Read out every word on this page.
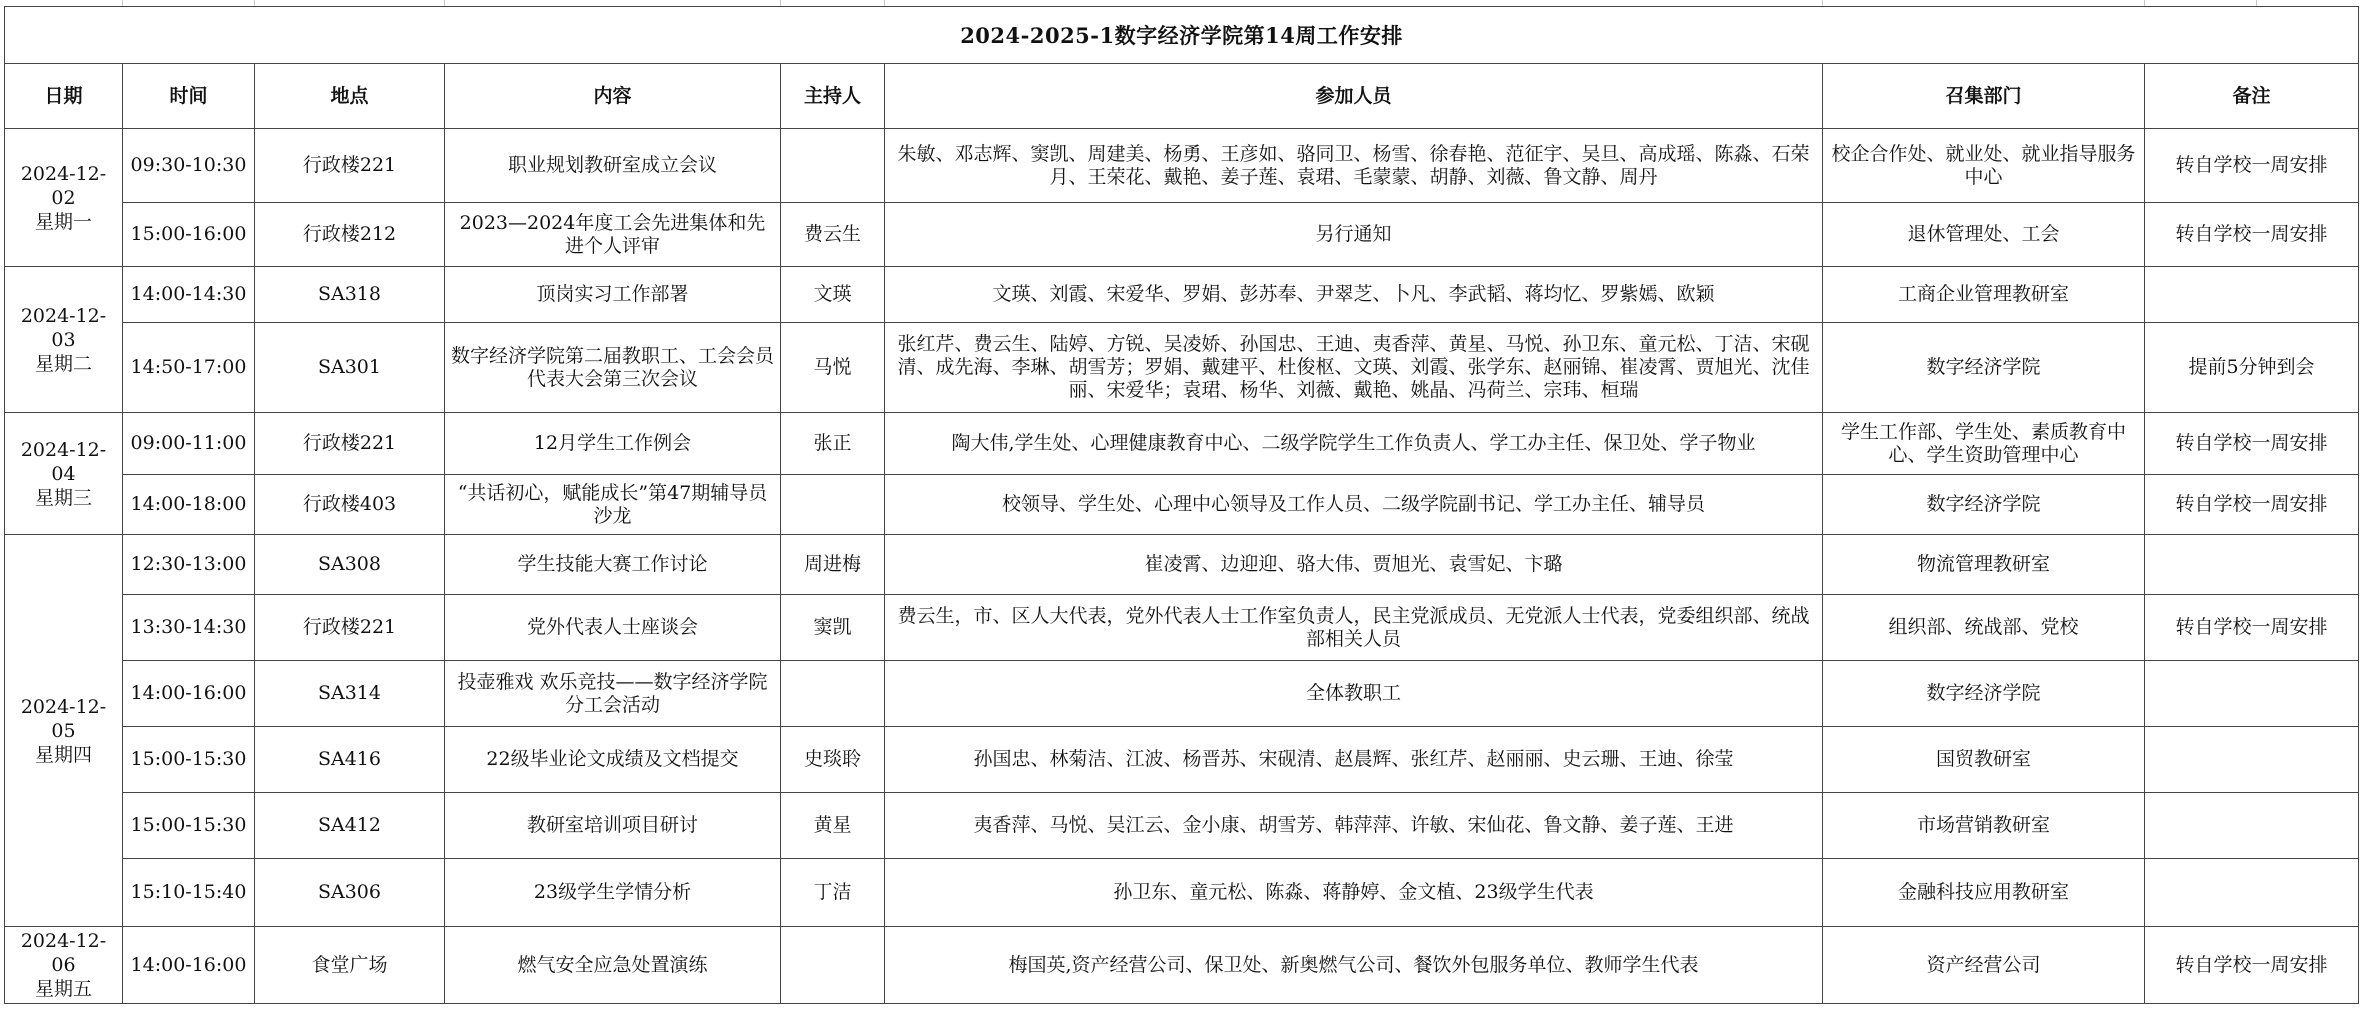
2024-2025-1数字经济学院第14周工作安排							
日期	时间	地点	内容	主持人	参加人员	召集部门	备注
2024-12-02
星期一	09:30-10:30	行政楼221	职业规划教研室成立会议		朱敏、邓志辉、窦凯、周建美、杨勇、王彦如、骆同卫、杨雪、徐春艳、范征宇、吴旦、高成瑶、陈淼、石荣月、王荣花、戴艳、姜子莲、袁珺、毛蒙蒙、胡静、刘薇、鲁文静、周丹	校企合作处、就业处、就业指导服务中心	转自学校一周安排
	15:00-16:00	行政楼212	2023—2024年度工会先进集体和先进个人评审	费云生	另行通知	退休管理处、工会	转自学校一周安排
2024-12-03
星期二	14:00-14:30	SA318	顶岗实习工作部署	文瑛	文瑛、刘霞、宋爱华、罗娟、彭苏奉、尹翠芝、卜凡、李武韬、蒋均忆、罗紫嫣、欧颖	工商企业管理教研室	
	14:50-17:00	SA301	数字经济学院第二届教职工、工会会员代表大会第三次会议	马悦	张红芹、费云生、陆婷、方锐、吴凌娇、孙国忠、王迪、夷香萍、黄星、马悦、孙卫东、童元松、丁洁、宋砚清、成先海、李琳、胡雪芳；罗娟、戴建平、杜俊枢、文瑛、刘霞、张学东、赵丽锦、崔凌霄、贾旭光、沈佳丽、宋爱华；袁珺、杨华、刘薇、戴艳、姚晶、冯荷兰、宗玮、桓瑞	数字经济学院	提前5分钟到会
2024-12-04
星期三	09:00-11:00	行政楼221	12月学生工作例会	张正	陶大伟,学生处、心理健康教育中心、二级学院学生工作负责人、学工办主任、保卫处、学子物业	学生工作部、学生处、素质教育中心、学生资助管理中心	转自学校一周安排
	14:00-18:00	行政楼403	“共话初心，赋能成长”第47期辅导员沙龙		校领导、学生处、心理中心领导及工作人员、二级学院副书记、学工办主任、辅导员	数字经济学院	转自学校一周安排
2024-12-05
星期四	12:30-13:00	SA308	学生技能大赛工作讨论	周进梅	崔凌霄、边迎迎、骆大伟、贾旭光、袁雪妃、卞璐	物流管理教研室	
	13:30-14:30	行政楼221	党外代表人士座谈会	窦凯	费云生，市、区人大代表，党外代表人士工作室负责人，民主党派成员、无党派人士代表，党委组织部、统战部相关人员	组织部、统战部、党校	转自学校一周安排
	14:00-16:00	SA314	投壶雅戏 欢乐竞技——数字经济学院分工会活动		全体教职工	数字经济学院	
	15:00-15:30	SA416	22级毕业论文成绩及文档提交	史琰聆	孙国忠、林菊洁、江波、杨晋苏、宋砚清、赵晨辉、张红芹、赵丽丽、史云珊、王迪、徐莹	国贸教研室	
	15:00-15:30	SA412	教研室培训项目研讨	黄星	夷香萍、马悦、吴江云、金小康、胡雪芳、韩萍萍、许敏、宋仙花、鲁文静、姜子莲、王进	市场营销教研室	
	15:10-15:40	SA306	23级学生学情分析	丁洁	孙卫东、童元松、陈淼、蒋静婷、金文植、23级学生代表	金融科技应用教研室	
2024-12-06
星期五	14:00-16:00	食堂广场	燃气安全应急处置演练		梅国英,资产经营公司、保卫处、新奥燃气公司、餐饮外包服务单位、教师学生代表	资产经营公司	转自学校一周安排
